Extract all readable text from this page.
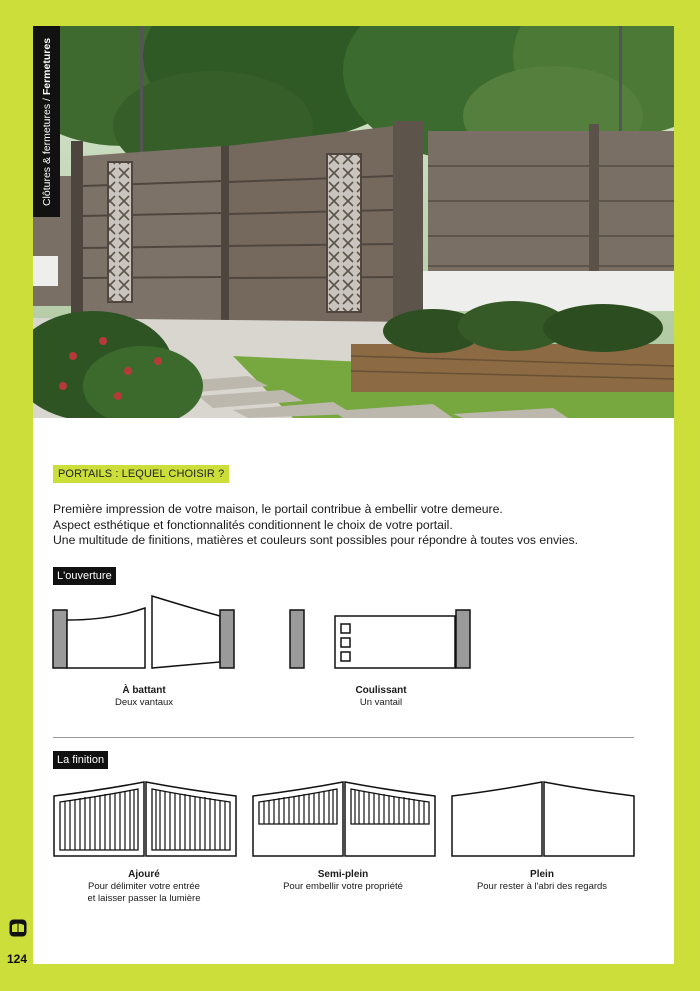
Clôtures & fermetures / Fermetures
PORTAILS : LEQUEL CHOISIR ?

Première impression de votre maison, le portail contribue à embellir votre demeure.

Aspect esthétique et fonctionnalités conditionnent le choix de votre portail.

Une multitude de finitions, matières et couleurs sont possibles pour répondre à toutes vos envies.

L'ouverture
À battant
Deux vantaux
Coulissant
Un vantail
La finition
Ajouré
Pour délimiter votre entrée
et laisser passer la lumière
Semi-plein
Pour embellir votre propriété
Plein
Pour rester à l'abri des regards
124
